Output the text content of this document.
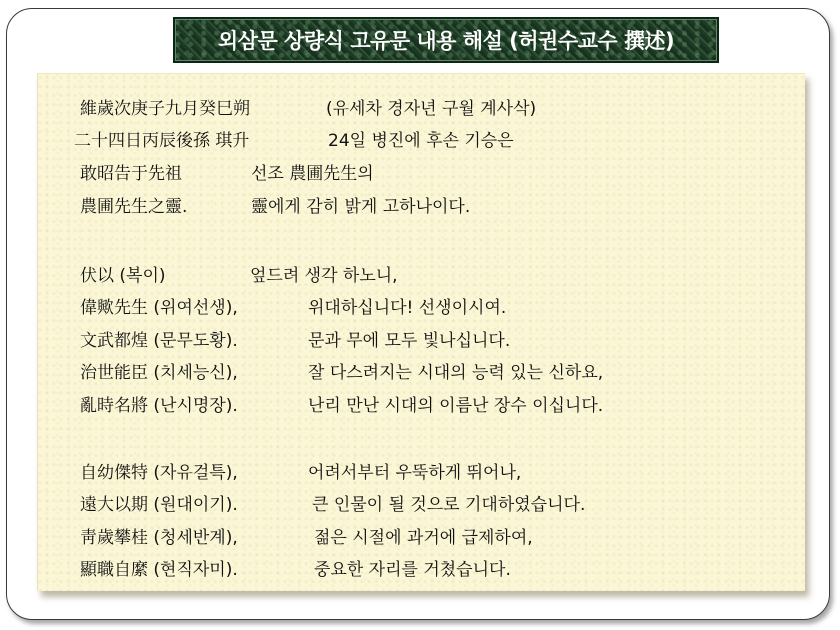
외삼문 상량식 고유문 내용 해설 (허권수교수 撰述)
維歲次庚子九月癸巳朔	(유세차 경자년 구월 계사삭)
二十四日丙辰後孫 琪升	24일 병진에 후손 기승은
敢昭告于先祖	선조 農圃先生의
農圃先生之靈.	靈에게 감히 밝게 고하나이다.
伏以 (복이)	엎드려 생각 하노니,
偉歟先生 (위여선생),	위대하십니다! 선생이시여.
文武都煌 (문무도황).	문과 무에 모두 빛나십니다.
治世能臣 (치세능신),	잘 다스려지는 시대의 능력 있는 신하요,
亂時名將 (난시명장).	난리 만난 시대의 이름난 장수 이십니다.
自幼傑特 (자유걸특),	어려서부터 우뚝하게 뛰어나,
遠大以期 (원대이기).	큰 인물이 될 것으로 기대하였습니다.
靑歲攀桂 (청세반계),	젊은 시절에 과거에 급제하여,
顯職自縻 (현직자미).	중요한 자리를 거쳤습니다.
